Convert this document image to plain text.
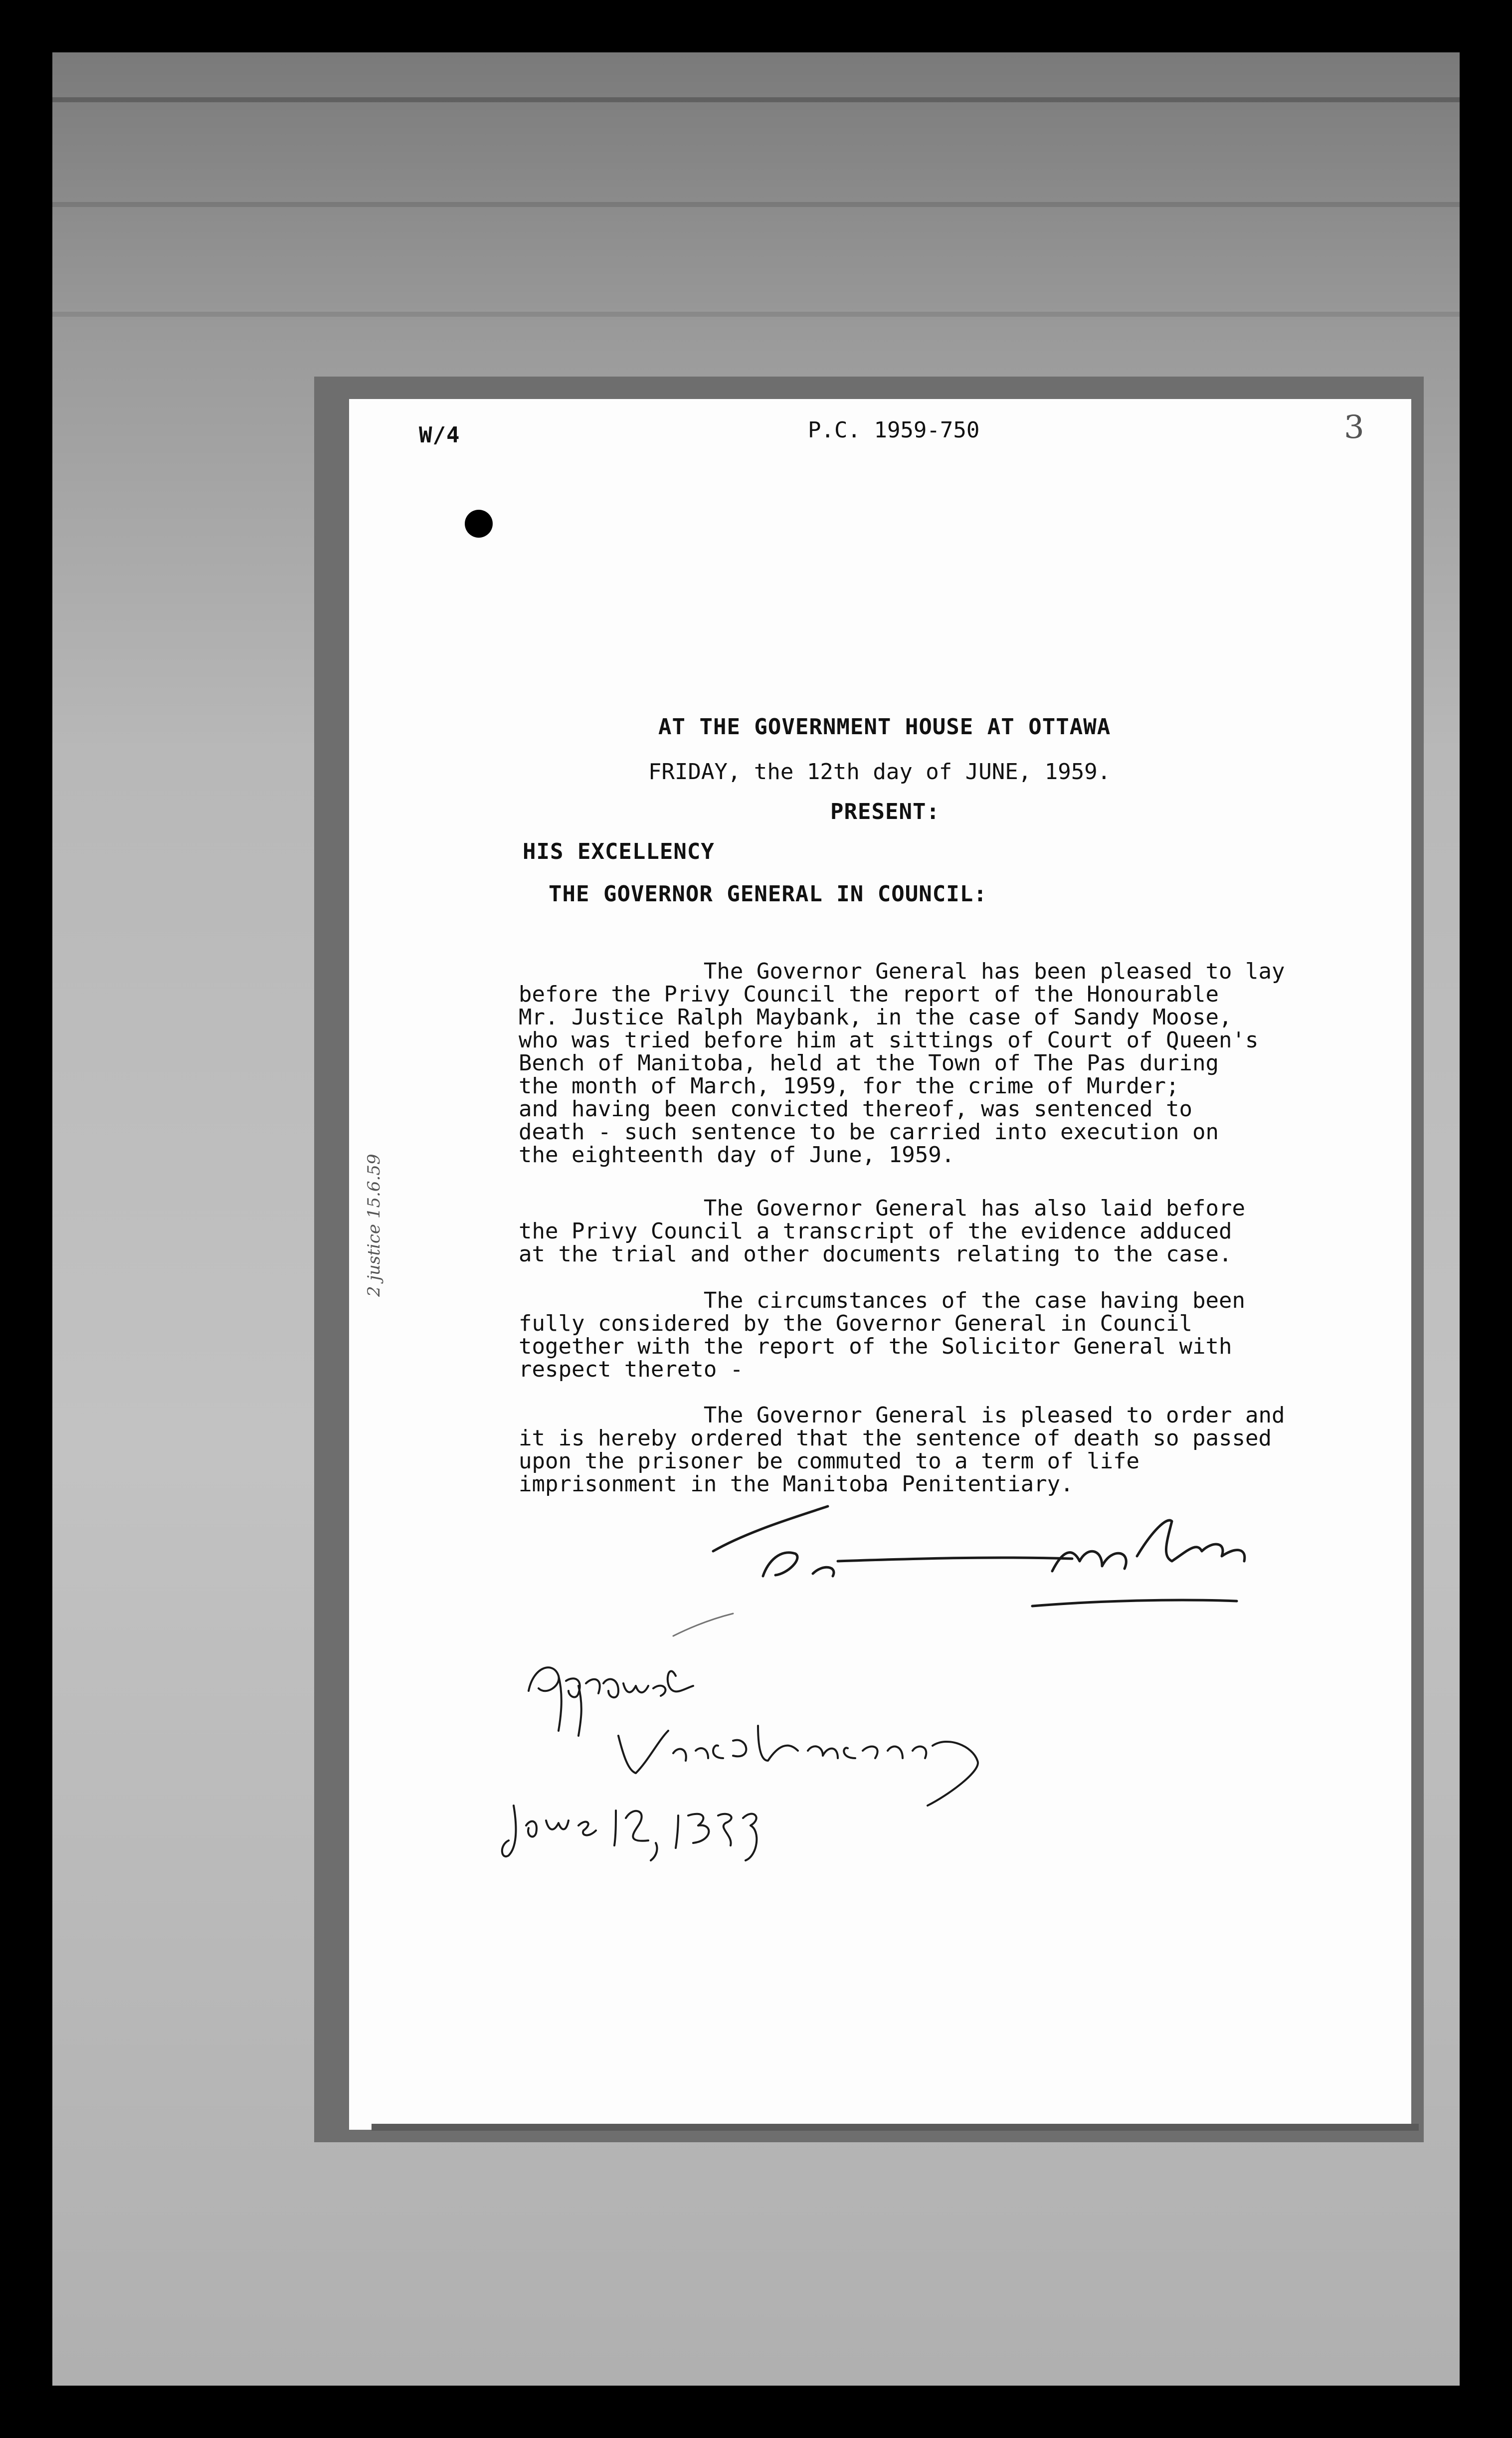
W/4	P.C. 1959-750	3
2 justice 15.6.59
AT THE GOVERNMENT HOUSE AT OTTAWA
FRIDAY, the 12th day of JUNE, 1959.
PRESENT:
HIS EXCELLENCY
THE GOVERNOR GENERAL IN COUNCIL:
The Governor General has been pleased to lay
before the Privy Council the report of the Honourable
Mr. Justice Ralph Maybank, in the case of Sandy Moose,
who was tried before him at sittings of Court of Queen's
Bench of Manitoba, held at the Town of The Pas during
the month of March, 1959, for the crime of Murder;
and having been convicted thereof, was sentenced to
death - such sentence to be carried into execution on
the eighteenth day of June, 1959.
The Governor General has also laid before
the Privy Council a transcript of the evidence adduced
at the trial and other documents relating to the case.
The circumstances of the case having been
fully considered by the Governor General in Council
together with the report of the Solicitor General with
respect thereto -
The Governor General is pleased to order and
it is hereby ordered that the sentence of death so passed
upon the prisoner be commuted to a term of life
imprisonment in the Manitoba Penitentiary.
